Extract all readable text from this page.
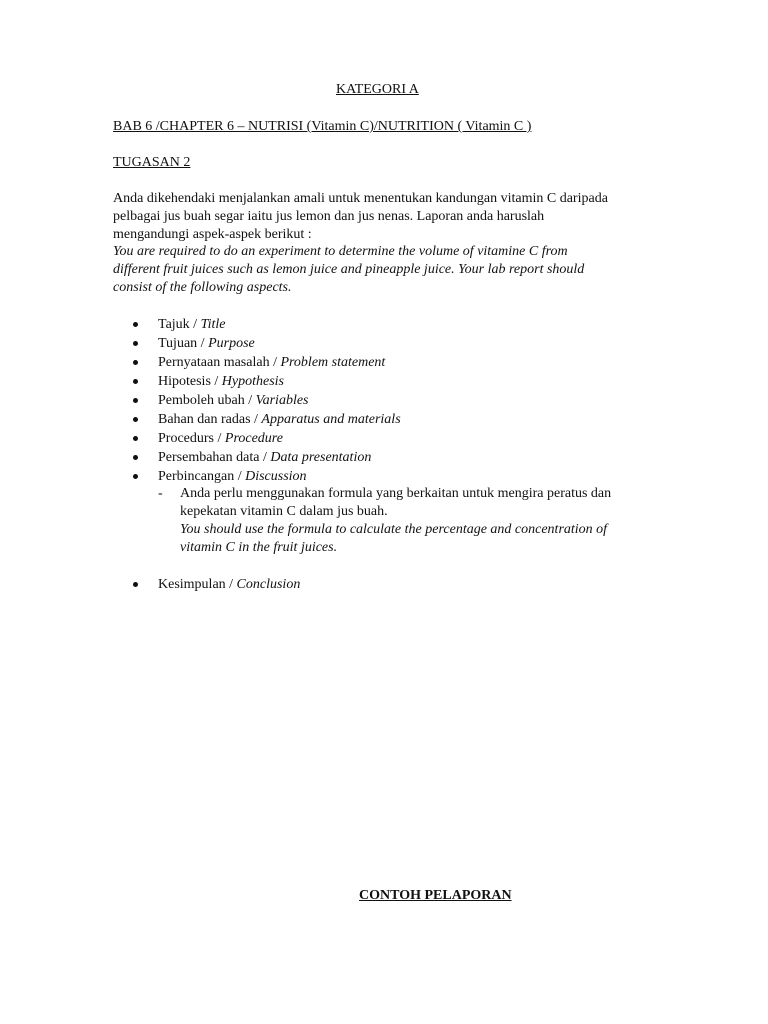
KATEGORI A
BAB 6 /CHAPTER 6 – NUTRISI (Vitamin C)/NUTRITION ( Vitamin C )
TUGASAN 2

Anda dikehendaki menjalankan amali untuk menentukan kandungan vitamin C daripada

pelbagai jus buah segar iaitu jus lemon dan jus nenas. Laporan anda haruslah

mengandungi aspek-aspek berikut :

You are required to do an experiment to determine the volume of vitamine C from

different fruit juices such as lemon juice and pineapple juice. Your lab report should

consist of the following aspects.

Tajuk / Title
Tujuan / Purpose
Pernyataan masalah / Problem statement
Hipotesis / Hypothesis
Pemboleh ubah / Variables
Bahan dan radas / Apparatus and materials
Procedurs / Procedure
Persembahan data / Data presentation
Perbincangan / Discussion
- Anda perlu menggunakan formula yang berkaitan untuk mengira peratus dan

kepekatan vitamin C dalam jus buah.

You should use the formula to calculate the percentage and concentration of

vitamin C in the fruit juices.

Kesimpulan / Conclusion
CONTOH PELAPORAN
